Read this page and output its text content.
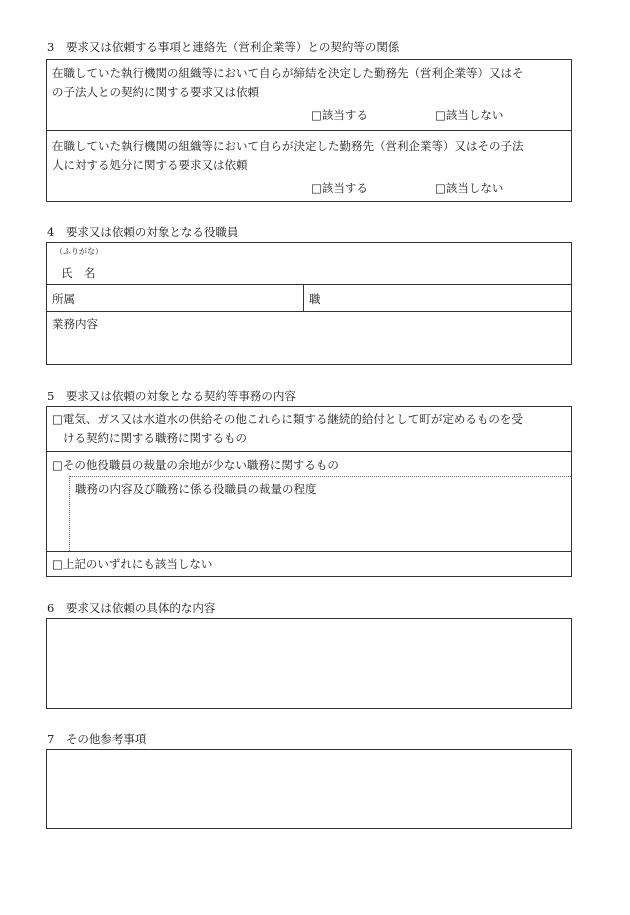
3　要求又は依頼する事項と連絡先（営利企業等）との契約等の関係
在職していた執行機関の組織等において自らが締結を決定した勤務先（営利企業等）又はそ
の子法人との契約に関する要求又は依頼
□該当する	□該当しない
在職していた執行機関の組織等において自らが決定した勤務先（営利企業等）又はその子法
人に対する処分に関する要求又は依頼
□該当する	□該当しない
4　要求又は依頼の対象となる役職員
（ふりがな）
氏　名
所属	職
業務内容
5　要求又は依頼の対象となる契約等事務の内容
□電気、ガス又は水道水の供給その他これらに類する継続的給付として町が定めるものを受
ける契約に関する職務に関するもの
□その他役職員の裁量の余地が少ない職務に関するもの
職務の内容及び職務に係る役職員の裁量の程度
□上記のいずれにも該当しない
6　要求又は依頼の具体的な内容
7　その他参考事項
